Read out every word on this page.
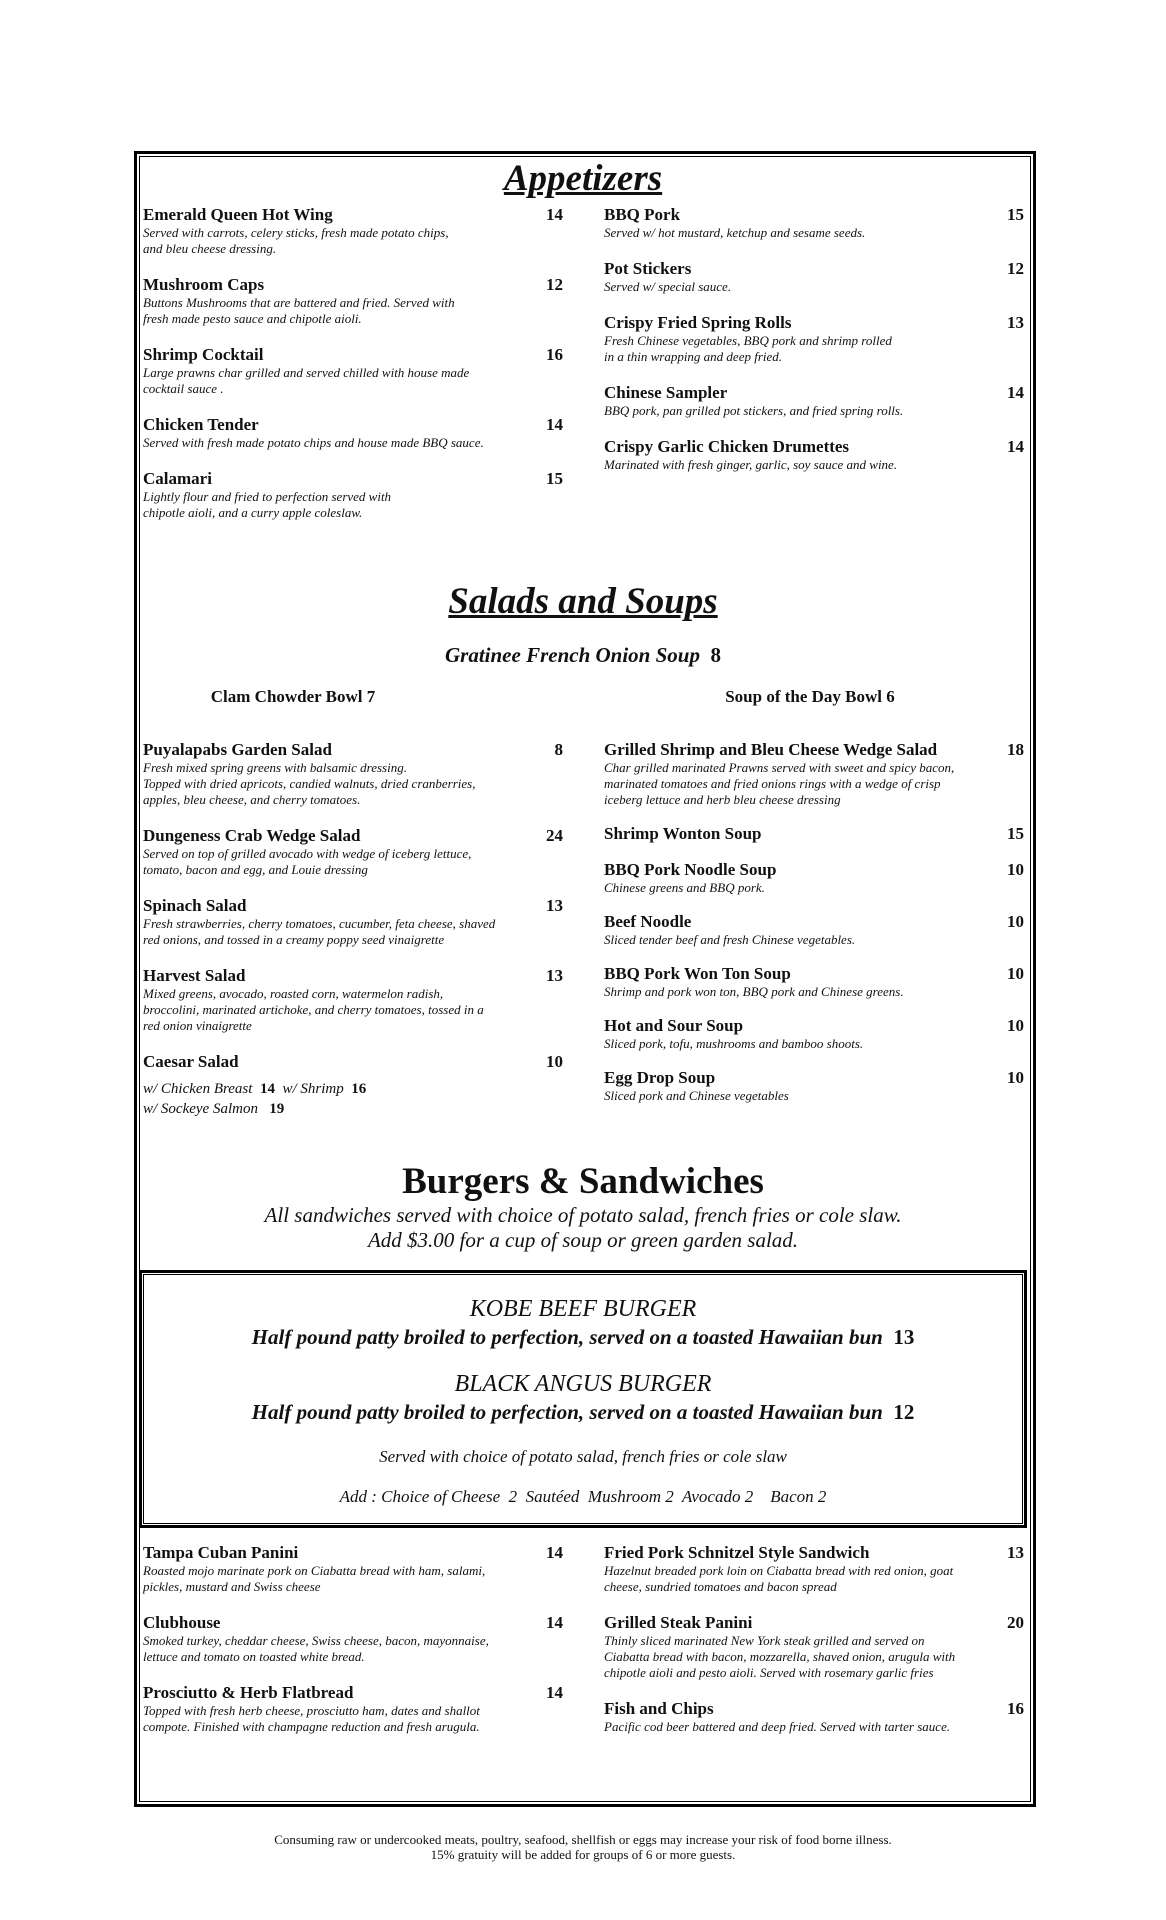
Appetizers
Emerald Queen Hot Wing	14
Served with carrots, celery sticks, fresh made potato chips,
and bleu cheese dressing.
Mushroom Caps	12
Buttons Mushrooms that are battered and fried. Served with
fresh made pesto sauce and chipotle aioli.
Shrimp Cocktail	16
Large prawns char grilled and served chilled with house made
cocktail sauce .
Chicken Tender	14
Served with fresh made potato chips and house made BBQ sauce.
Calamari	15
Lightly flour and fried to perfection served with
chipotle aioli, and a curry apple coleslaw.
BBQ Pork	15
Served w/ hot mustard, ketchup and sesame seeds.
Pot Stickers	12
Served w/ special sauce.
Crispy Fried Spring Rolls	13
Fresh Chinese vegetables, BBQ pork and shrimp rolled
in a thin wrapping and deep fried.
Chinese Sampler	14
BBQ pork, pan grilled pot stickers, and fried spring rolls.
Crispy Garlic Chicken Drumettes	14
Marinated with fresh ginger, garlic, soy sauce and wine.
Salads and Soups
Gratinee French Onion Soup 8
Clam Chowder Bowl 7	Soup of the Day Bowl 6
Puyalapabs Garden Salad	8
Fresh mixed spring greens with balsamic dressing.
Topped with dried apricots, candied walnuts, dried cranberries,
apples, bleu cheese, and cherry tomatoes.
Dungeness Crab Wedge Salad	24
Served on top of grilled avocado with wedge of iceberg lettuce,
tomato, bacon and egg, and Louie dressing
Spinach Salad	13
Fresh strawberries, cherry tomatoes, cucumber, feta cheese, shaved
red onions, and tossed in a creamy poppy seed vinaigrette
Harvest Salad	13
Mixed greens, avocado, roasted corn, watermelon radish,
broccolini, marinated artichoke, and cherry tomatoes, tossed in a
red onion vinaigrette
Caesar Salad	10
w/ Chicken Breast 14 w/ Shrimp 16
w/ Sockeye Salmon 19
Grilled Shrimp and Bleu Cheese Wedge Salad	18
Char grilled marinated Prawns served with sweet and spicy bacon,
marinated tomatoes and fried onions rings with a wedge of crisp
iceberg lettuce and herb bleu cheese dressing
Shrimp Wonton Soup	15
BBQ Pork Noodle Soup	10
Chinese greens and BBQ pork.
Beef Noodle	10
Sliced tender beef and fresh Chinese vegetables.
BBQ Pork Won Ton Soup	10
Shrimp and pork won ton, BBQ pork and Chinese greens.
Hot and Sour Soup	10
Sliced pork, tofu, mushrooms and bamboo shoots.
Egg Drop Soup	10
Sliced pork and Chinese vegetables
Burgers & Sandwiches
All sandwiches served with choice of potato salad, french fries or cole slaw.
Add $3.00 for a cup of soup or green garden salad.
KOBE BEEF BURGER
Half pound patty broiled to perfection, served on a toasted Hawaiian bun 13
BLACK ANGUS BURGER
Half pound patty broiled to perfection, served on a toasted Hawaiian bun 12
Served with choice of potato salad, french fries or cole slaw
Add : Choice of Cheese  2  Sautéed  Mushroom 2  Avocado 2    Bacon 2
Tampa Cuban Panini	14
Roasted mojo marinate pork on Ciabatta bread with ham, salami,
pickles, mustard and Swiss cheese
Clubhouse	14
Smoked turkey, cheddar cheese, Swiss cheese, bacon, mayonnaise,
lettuce and tomato on toasted white bread.
Prosciutto & Herb Flatbread	14
Topped with fresh herb cheese, prosciutto ham, dates and shallot
compote. Finished with champagne reduction and fresh arugula.
Fried Pork Schnitzel Style Sandwich	13
Hazelnut breaded pork loin on Ciabatta bread with red onion, goat
cheese, sundried tomatoes and bacon spread
Grilled Steak Panini	20
Thinly sliced marinated New York steak grilled and served on
Ciabatta bread with bacon, mozzarella, shaved onion, arugula with
chipotle aioli and pesto aioli. Served with rosemary garlic fries
Fish and Chips	16
Pacific cod beer battered and deep fried. Served with tarter sauce.
Consuming raw or undercooked meats, poultry, seafood, shellfish or eggs may increase your risk of food borne illness.
15% gratuity will be added for groups of 6 or more guests.
